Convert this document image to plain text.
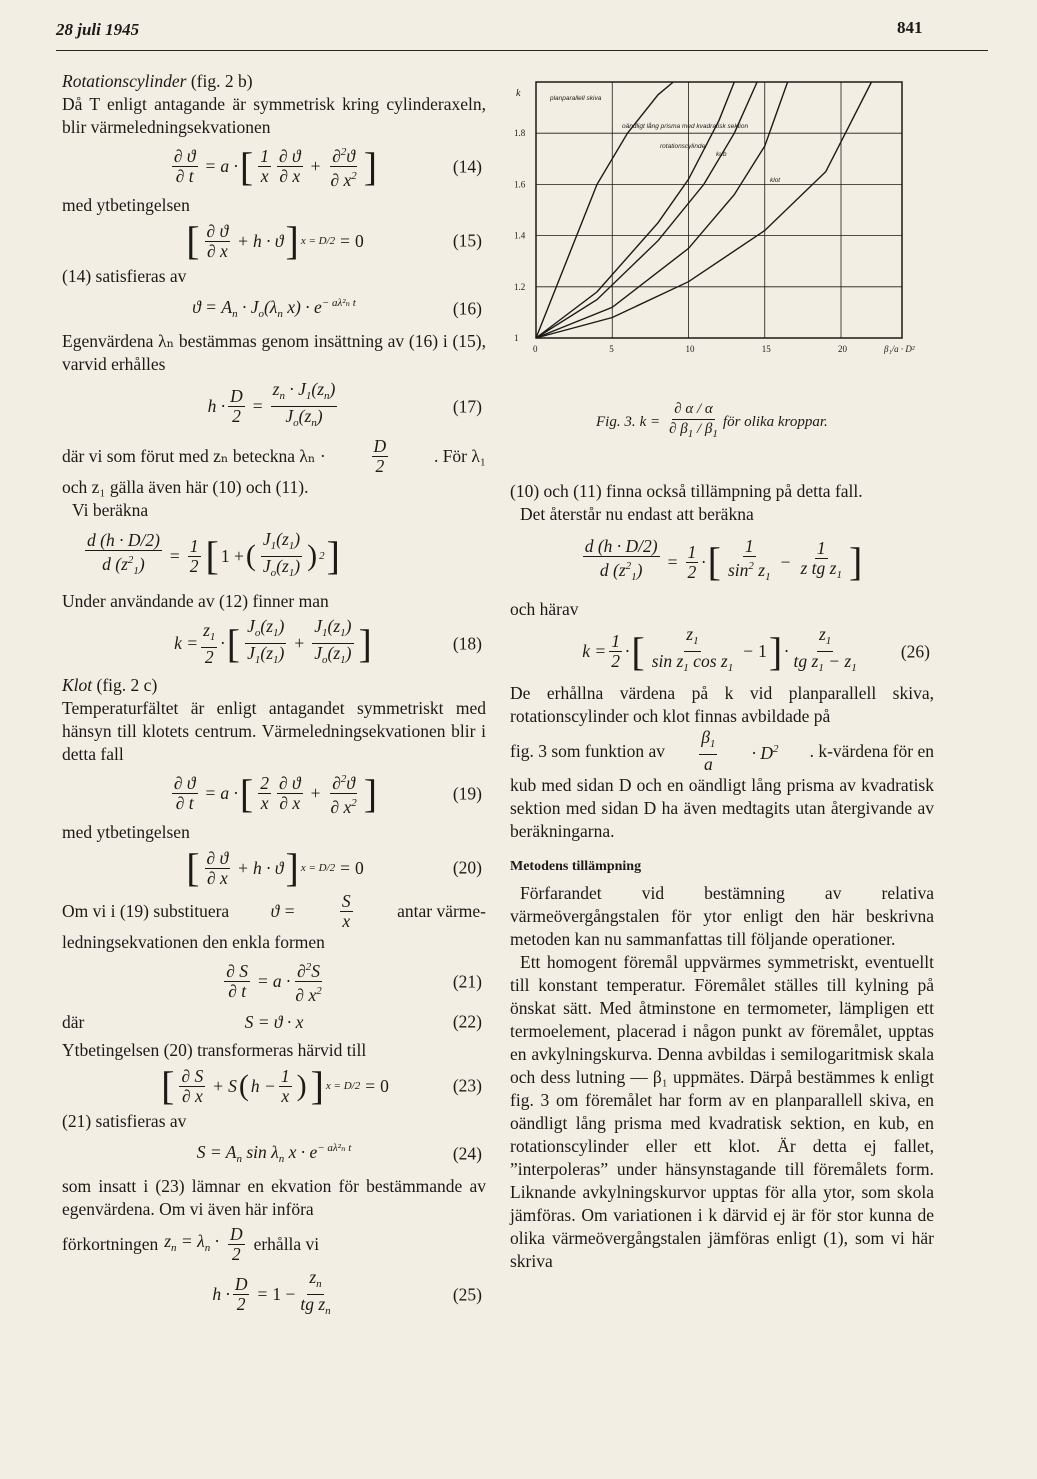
28 juli 1945	841

Rotationscylinder (fig. 2 b)

Då T enligt antagande är symmetrisk kring cylinderaxeln, blir värmeledningsekvationen

$\frac{\partial ϑ}{\partial t} = a$ · [ $\frac{1}{x} \frac{\partial ϑ}{\partial x} + \frac{\partial^2ϑ}{\partial x^2}$ ]	(14)

med ytbetingelsen

[ $\frac{\partial ϑ}{\partial x} + h \cdot ϑ$ ] x = D/2 = 0	(15)

(14) satisfieras av

$ϑ = A_n \cdot J_o(\lambda_n$ $x) \cdot e^{- a\lambda^2_n t}$	(16)

Egenvärdena λₙ bestämmas genom insättning av (16) i (15), varvid erhålles

$h \cdot \frac{D}{2} = \frac{z_n \cdot J_1(z_n)}{J_o(z_n)}$	(17)

där vi som förut med zₙ beteckna λₙ ·	$\frac{D}{2}$	. För λ₁

och z₁ gälla även här (10) och (11).

Vi beräkna

$\frac{d (h \cdot D/2)}{d (z^2_1)} = \frac{1}{2}$ [ 1 + ( $\frac{J_1(z_1)}{J_o(z_1)}$ ) 2 ]

Under användande av (12) finner man

$k = \frac{z_1}{2}$ · [ $\frac{J_o(z_1)}{J_1(z_1)} + \frac{J_1(z_1)}{J_o(z_1)}$ ]	(18)

Klot (fig. 2 c)

Temperaturfältet är enligt antagandet symmetriskt med hänsyn till klotets centrum. Värmeledningsekvationen blir i detta fall

$\frac{\partial ϑ}{\partial t} = a$ · [ $\frac{2}{x} \frac{\partial ϑ}{\partial x} + \frac{\partial^2ϑ}{\partial x^2}$ ]	(19)

med ytbetingelsen

[ $\frac{\partial ϑ}{\partial x} + h \cdot ϑ$ ] x = D/2 = 0	(20)

Om vi i (19) substituera ϑ =	$\frac{S}{x}$	antar värme-

ledningsekvationen den enkla formen

$\frac{\partial S}{\partial t} = a \cdot \frac{\partial^2S}{\partial x^2}$	(21)
där	S = ϑ · x	(22)

Ytbetingelsen (20) transformeras härvid till

[ $\frac{\partial S}{\partial x} + S$ ( $h - \frac{1}{x}$ ) ] x = D/2 = 0	(23)

(21) satisfieras av

$S = A_n$ $\sin \lambda_n$ $x \cdot e^{- a\lambda^2_n t}$	(24)

som insatt i (23) lämnar en ekvation för bestämmande av egenvärdena. Om vi även här införa

förkortningen $z_n = \lambda_n \cdot \frac{D}{2}$ erhålla vi

$h \cdot \frac{D}{2} = 1 - \frac{z_n}{tg z_n}$	(25)
0	5	10	15	20
1
1.2
1.4
1.6
1.8
k
β₁/a · D²
planparallell skiva
oändligt lång prisma med kvadratisk sektion
rotationscylinder
kub
klot
Fig. 3. $k = \frac{\partial \alpha / \alpha}{\partial \beta_1 / \beta_1}$ för olika kroppar.

(10) och (11) finna också tillämpning på detta fall.

Det återstår nu endast att beräkna

$\frac{d (h \cdot D/2)}{d (z^2_1)} = \frac{1}{2}$ · [ $\frac{1}{\sin^2 z_1} - \frac{1}{z tg z_1}$ ]

och härav

$k = \frac{1}{2}$ · [ $\frac{z_1}{\sin z_1 \cos z_1} - 1$ ] · $\frac{z_1}{tg z_1 - z_1} (26)$

De erhållna värdena på k vid planparallell skiva, rotationscylinder och klot finnas avbildade på

fig. 3 som funktion av $\frac{\beta_1}{a} \cdot D^2$ . k-värdena för en

kub med sidan D och en oändligt lång prisma av kvadratisk sektion med sidan D ha även medtagits utan återgivande av beräkningarna.

Metodens tillämpning

Förfarandet vid bestämning av relativa värmeövergångstalen för ytor enligt den här beskrivna metoden kan nu sammanfattas till följande operationer.

Ett homogent föremål uppvärmes symmetriskt, eventuellt till konstant temperatur. Föremålet ställes till kylning på önskat sätt. Med åtminstone en termometer, lämpligen ett termoelement, placerad i någon punkt av föremålet, upptas en avkylningskurva. Denna avbildas i semilogaritmisk skala och dess lutning — β₁ uppmätes. Därpå bestämmes k enligt fig. 3 om föremålet har form av en planparallell skiva, en oändligt lång prisma med kvadratisk sektion, en kub, en rotationscylinder eller ett klot. Är detta ej fallet, ”interpoleras” under hänsynstagande till föremålets form. Liknande avkylningskurvor upptas för alla ytor, som skola jämföras. Om variationen i k därvid ej är för stor kunna de olika värmeövergångstalen jämföras enligt (1), som vi här skriva
